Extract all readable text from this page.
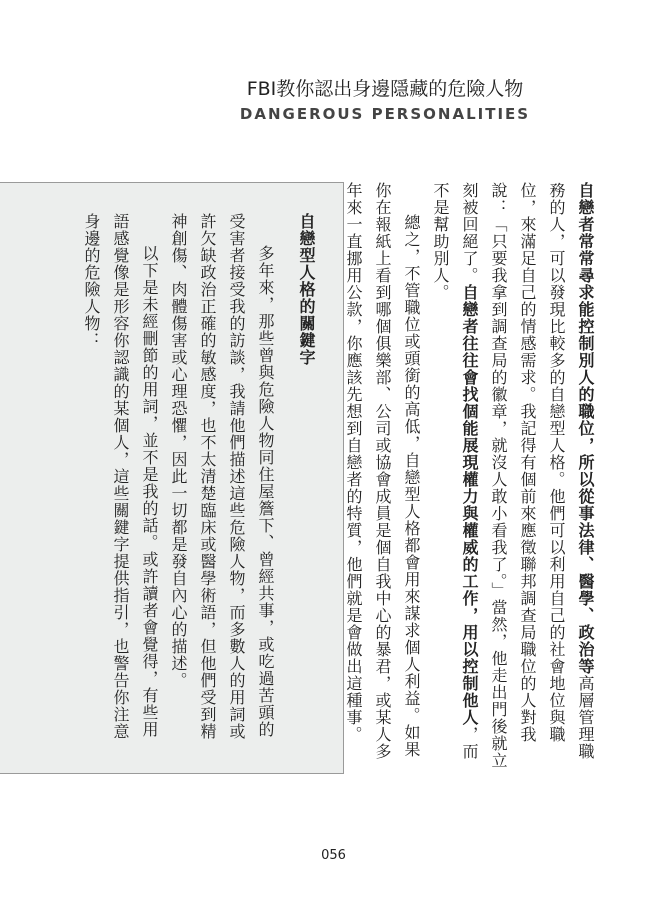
FBI教你認出身邊隱藏的危險人物
DANGEROUS PERSONALITIES

自戀者常常尋求能控制別人的職位，所以從事法律、醫學、政治等高層管理職務的人，可以發現比較多的自戀型人格。他們可以利用自己的社會地位與職位，來滿足自己的情感需求。我記得有個前來應徵聯邦調查局職位的人對我說：「只要我拿到調查局的徽章，就沒人敢小看我了。」當然，他走出門後就立刻被回絕了。自戀者往往會找個能展現權力與權威的工作，用以控制他人，而不是幫助別人。

總之，不管職位或頭銜的高低，自戀型人格都會用來謀求個人利益。如果你在報紙上看到哪個俱樂部、公司或協會成員是個自我中心的暴君，或某人多年來一直挪用公款，你應該先想到自戀者的特質，他們就是會做出這種事。

自戀型人格的關鍵字

多年來，那些曾與危險人物同住屋簷下、曾經共事，或吃過苦頭的受害者接受我的訪談，我請他們描述這些危險人物，而多數人的用詞或許欠缺政治正確的敏感度，也不太清楚臨床或醫學術語，但他們受到精神創傷、肉體傷害或心理恐懼，因此一切都是發自內心的描述。

以下是未經刪節的用詞，並不是我的話。或許讀者會覺得，有些用語感覺像是形容你認識的某個人，這些關鍵字提供指引，也警告你注意身邊的危險人物：

056
